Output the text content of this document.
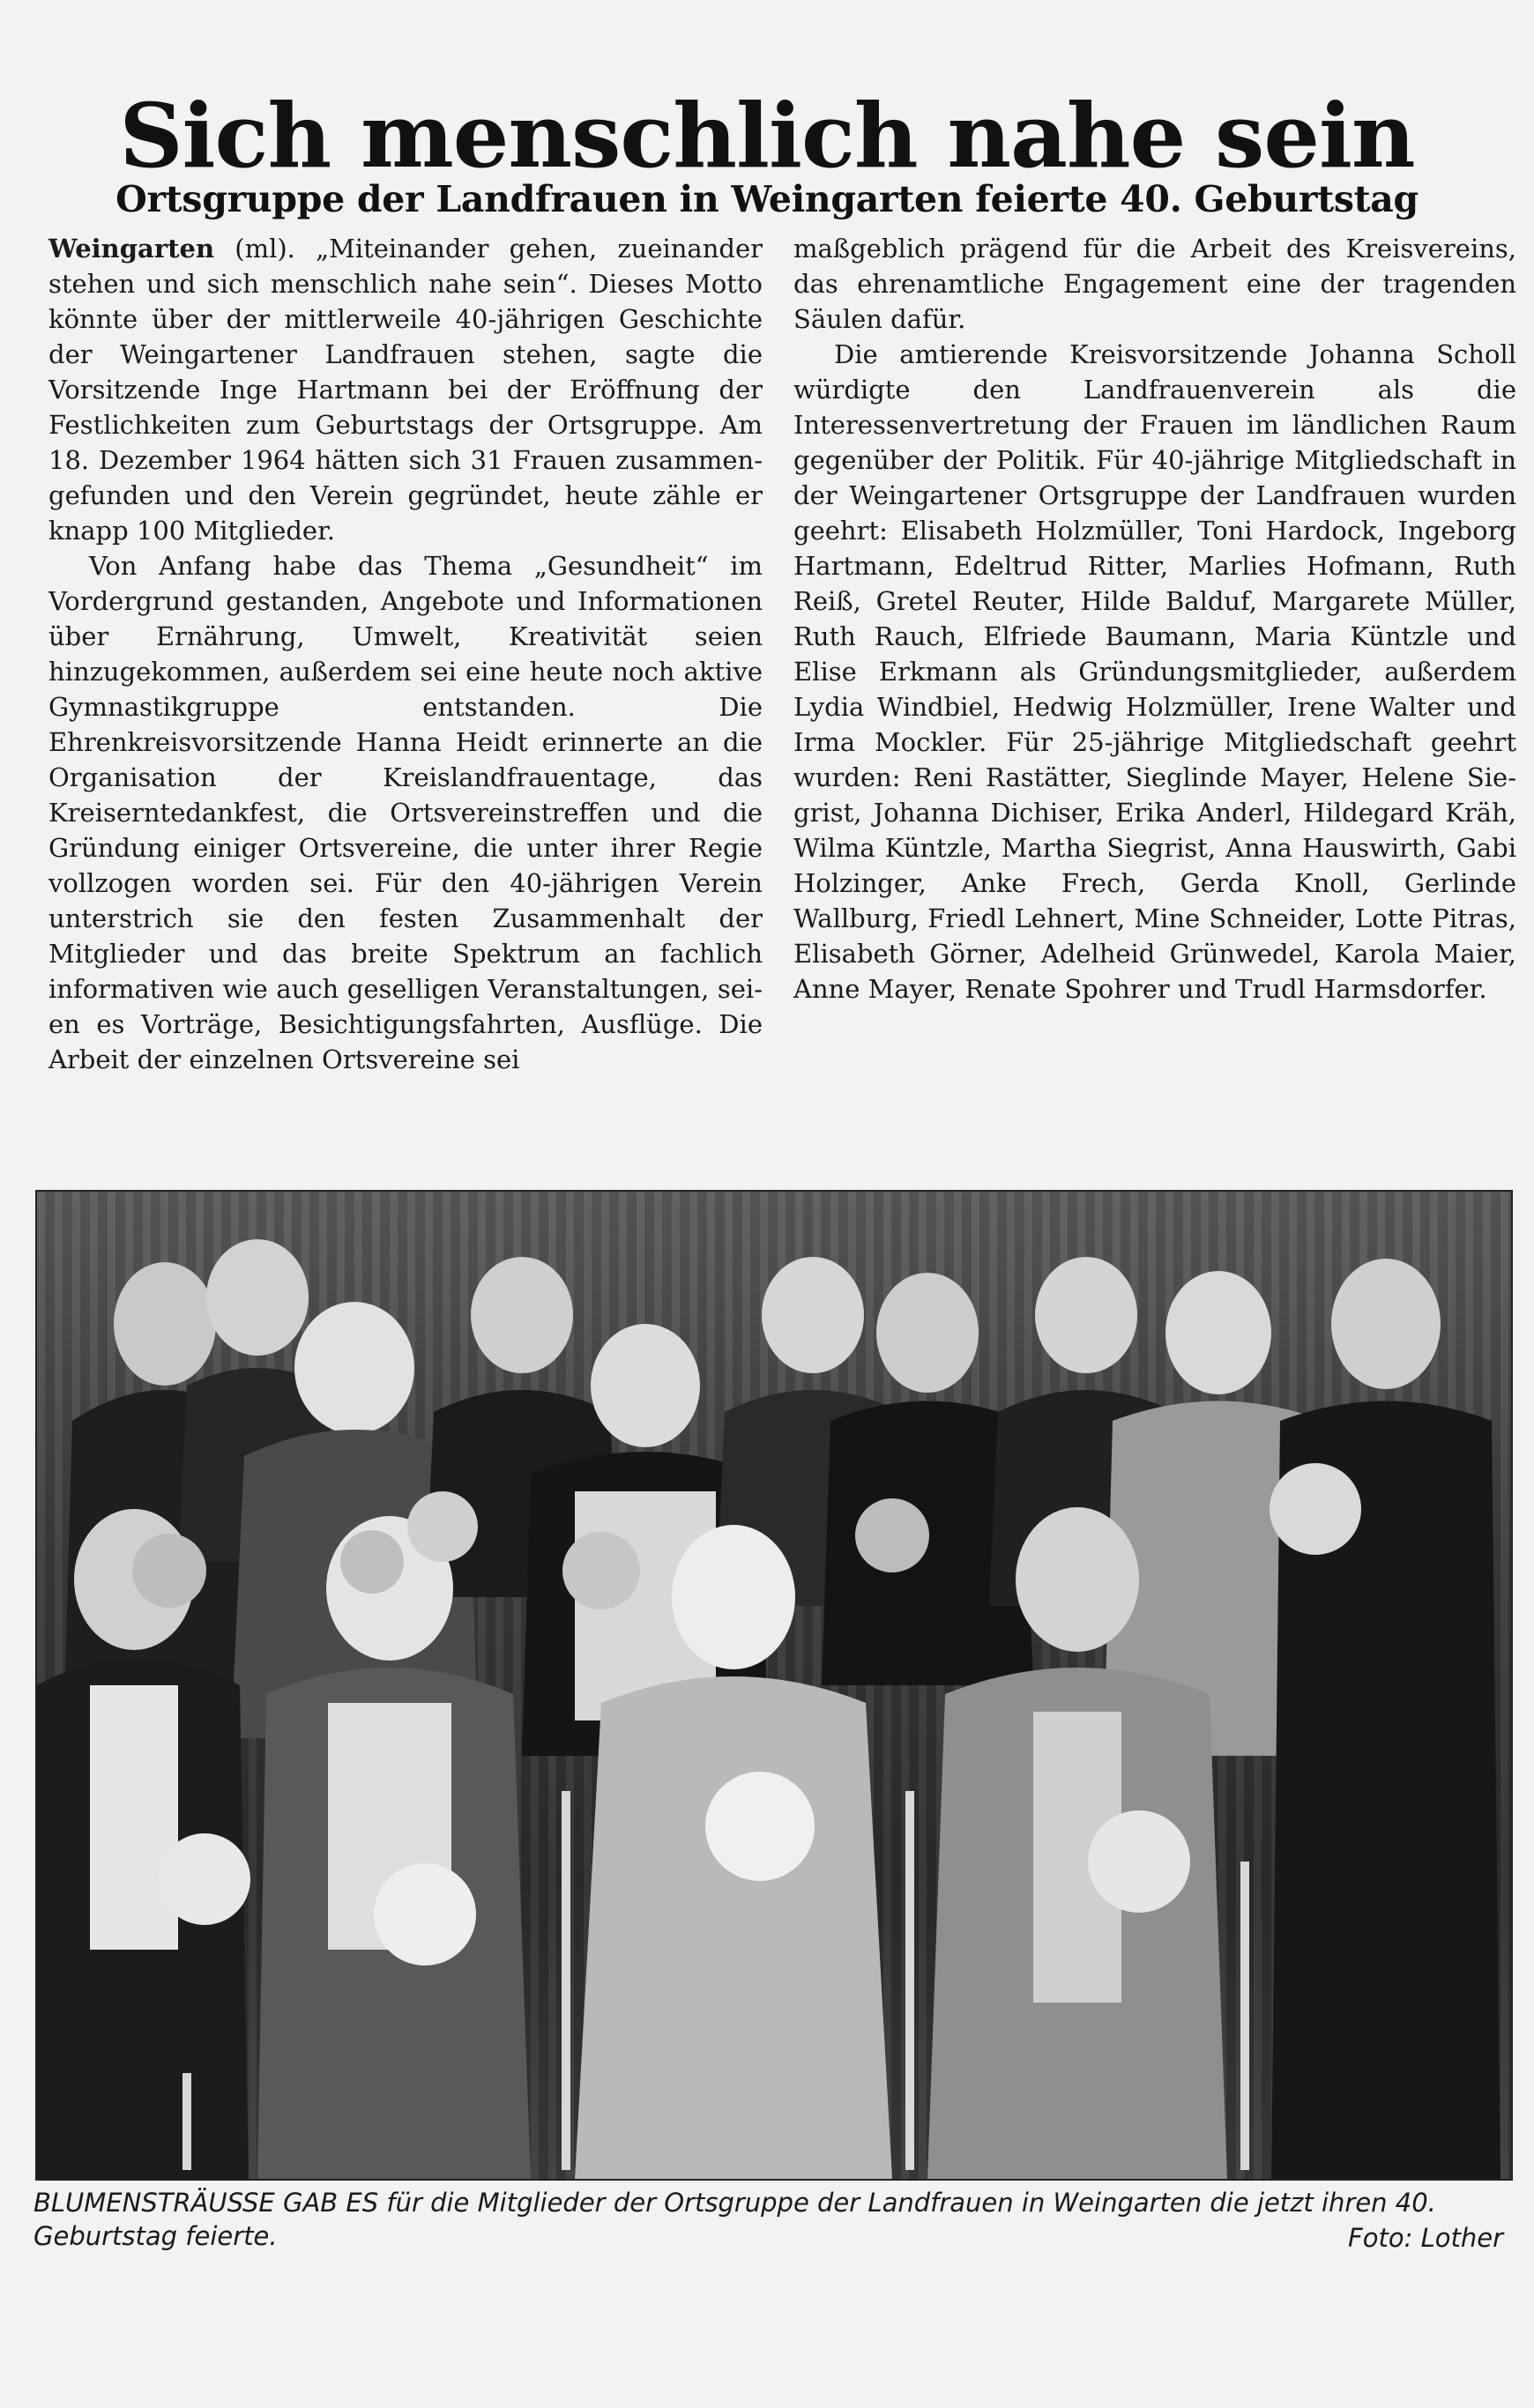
Sich menschlich nahe sein
Ortsgruppe der Landfrauen in Weingarten feierte 40. Geburtstag

Weingarten (ml). „Miteinander gehen, zueinander stehen und sich menschlich nahe sein“. Dieses Motto könnte über der mittlerweile 40-jährigen Geschichte der Weingartener Landfrauen stehen, sagte die Vorsitzende Inge Hartmann bei der Eröffnung der Festlichkeiten zum Geburtstags der Ortsgruppe. Am 18. Dezember 1964 hätten sich 31 Frauen zusammengefunden und den Verein gegründet, heute zähle er knapp 100 Mitglieder.

Von Anfang habe das Thema „Gesundheit“ im Vordergrund gestanden, Angebote und Informationen über Ernährung, Umwelt, Kreativität seien hinzugekommen, außerdem sei eine heute noch aktive Gymnastikgruppe entstanden. Die Ehrenkreisvorsitzende Hanna Heidt erinnerte an die Organisation der Kreislandfrauentage, das Kreiserntedankfest, die Ortsvereinstreffen und die Gründung einiger Ortsvereine, die unter ihrer Regie vollzogen worden sei. Für den 40-jährigen Verein unterstrich sie den festen Zusammenhalt der Mitglieder und das breite Spektrum an fachlich informativen wie auch geselligen Veranstaltungen, seien es Vorträge, Besichtigungsfahrten, Ausflüge. Die Arbeit der einzelnen Ortsvereine sei

maßgeblich prägend für die Arbeit des Kreisvereins, das ehrenamtliche Engagement eine der tragenden Säulen dafür.

Die amtierende Kreisvorsitzende Johanna Scholl würdigte den Landfrauenverein als die Interessenvertretung der Frauen im ländlichen Raum gegenüber der Politik. Für 40-jährige Mitgliedschaft in der Weingartener Ortsgruppe der Landfrauen wurden geehrt: Elisabeth Holzmüller, Toni Hardock, Ingeborg Hartmann, Edeltrud Ritter, Marlies Hofmann, Ruth Reiß, Gretel Reuter, Hilde Balduf, Margarete Müller, Ruth Rauch, Elfriede Baumann, Maria Küntzle und Elise Erkmann als Gründungsmitglieder, außerdem Lydia Windbiel, Hedwig Holzmüller, Irene Walter und Irma Mockler. Für 25-jährige Mitgliedschaft geehrt wurden: Reni Rastätter, Sieglinde Mayer, Helene Siegrist, Johanna Dichiser, Erika Anderl, Hildegard Kräh, Wilma Küntzle, Martha Siegrist, Anna Hauswirth, Gabi Holzinger, Anke Frech, Gerda Knoll, Gerlinde Wallburg, Friedl Lehnert, Mine Schneider, Lotte Pitras, Elisabeth Görner, Adelheid Grünwedel, Karola Maier, Anne Mayer, Renate Spohrer und Trudl Harmsdorfer.

BLUMENSTRÄUSSE GAB ES für die Mitglieder der Ortsgruppe der Landfrauen in Weingarten die jetzt ihren 40. Geburtstag feierte.	Foto: Lother
